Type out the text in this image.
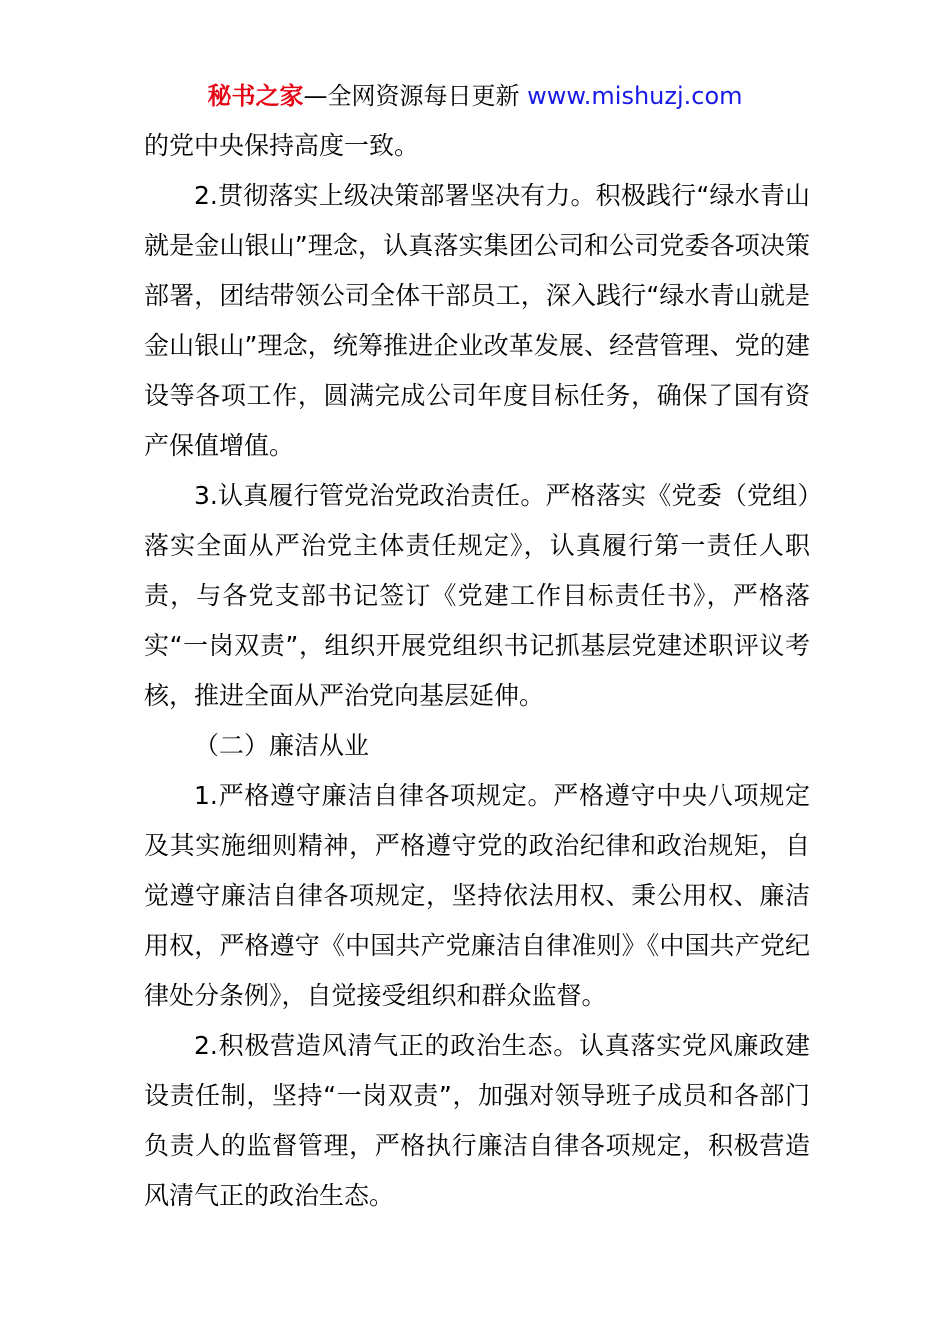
秘书之家—全网资源每日更新 www.mishuzj.com

的党中央保持高度一致。

2.贯彻落实上级决策部署坚决有力。积极践行“绿水青山就是金山银山”理念，认真落实集团公司和公司党委各项决策部署，团结带领公司全体干部员工，深入践行“绿水青山就是金山银山”理念，统筹推进企业改革发展、经营管理、党的建设等各项工作，圆满完成公司年度目标任务，确保了国有资产保值增值。

3.认真履行管党治党政治责任。严格落实《党委（党组）落实全面从严治党主体责任规定》，认真履行第一责任人职责，与各党支部书记签订《党建工作目标责任书》，严格落实“一岗双责”，组织开展党组织书记抓基层党建述职评议考核，推进全面从严治党向基层延伸。

（二）廉洁从业

1.严格遵守廉洁自律各项规定。严格遵守中央八项规定及其实施细则精神，严格遵守党的政治纪律和政治规矩，自觉遵守廉洁自律各项规定，坚持依法用权、秉公用权、廉洁用权，严格遵守《中国共产党廉洁自律准则》《中国共产党纪律处分条例》，自觉接受组织和群众监督。

2.积极营造风清气正的政治生态。认真落实党风廉政建设责任制，坚持“一岗双责”，加强对领导班子成员和各部门负责人的监督管理，严格执行廉洁自律各项规定，积极营造风清气正的政治生态。
